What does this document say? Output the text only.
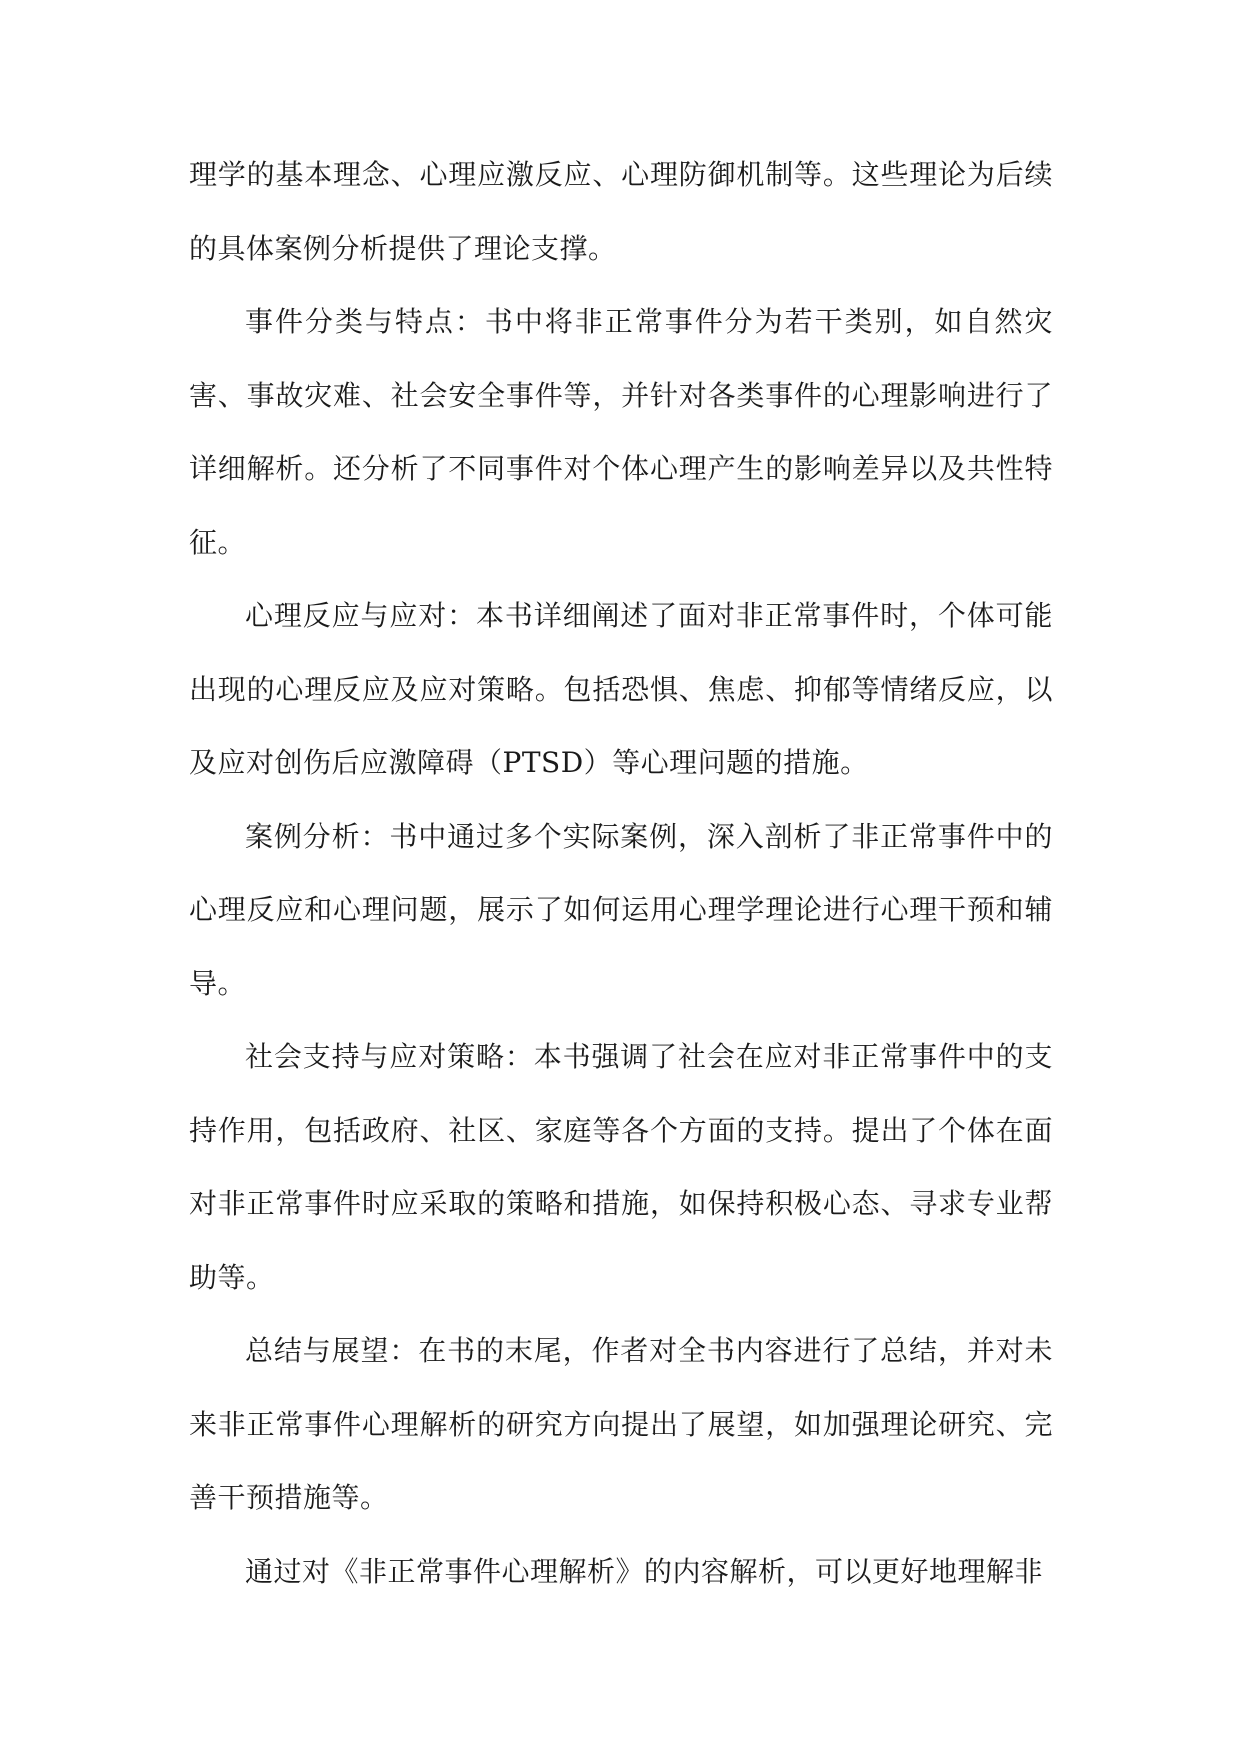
理学的基本理念、心理应激反应、心理防御机制等。这些理论为后续的具体案例分析提供了理论支撑。

事件分类与特点：书中将非正常事件分为若干类别，如自然灾害、事故灾难、社会安全事件等，并针对各类事件的心理影响进行了详细解析。还分析了不同事件对个体心理产生的影响差异以及共性特征。

心理反应与应对：本书详细阐述了面对非正常事件时，个体可能出现的心理反应及应对策略。包括恐惧、焦虑、抑郁等情绪反应，以及应对创伤后应激障碍（PTSD）等心理问题的措施。

案例分析：书中通过多个实际案例，深入剖析了非正常事件中的心理反应和心理问题，展示了如何运用心理学理论进行心理干预和辅导。

社会支持与应对策略：本书强调了社会在应对非正常事件中的支持作用，包括政府、社区、家庭等各个方面的支持。提出了个体在面对非正常事件时应采取的策略和措施，如保持积极心态、寻求专业帮助等。

总结与展望：在书的末尾，作者对全书内容进行了总结，并对未来非正常事件心理解析的研究方向提出了展望，如加强理论研究、完善干预措施等。

通过对《非正常事件心理解析》的内容解析，可以更好地理解非
